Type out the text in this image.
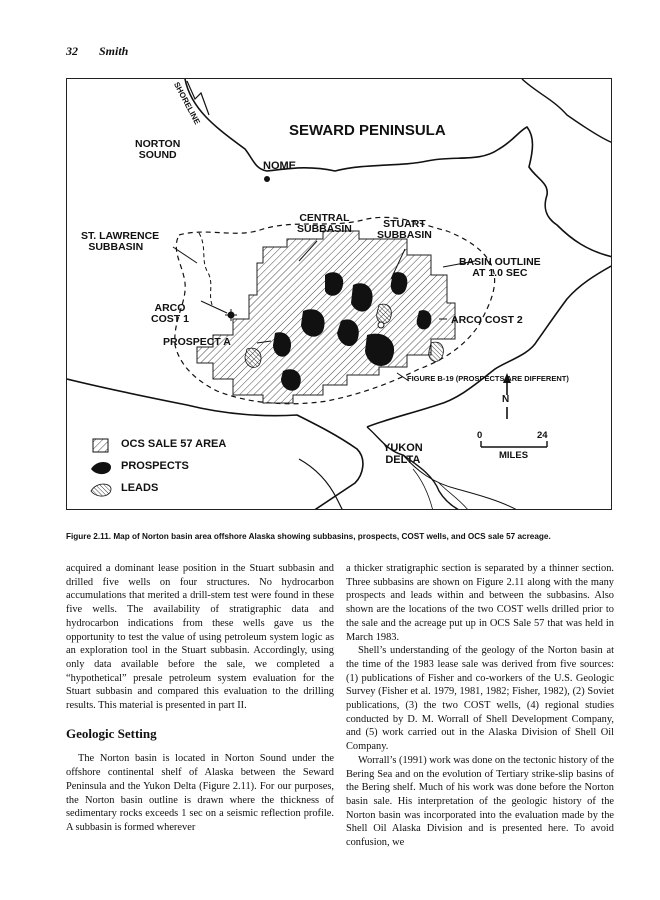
32 Smith
SHORELINE
SEWARD PENINSULA
NORTON
SOUND
NOME
CENTRAL
SUBBASIN	STUART
SUBBASIN
ST. LAWRENCE
SUBBASIN
BASIN OUTLINE
AT 1.0 SEC
ARCO
COST 1	ARCO COST 2
PROSPECT A
FIGURE B-19 (PROSPECTS ARE DIFFERENT)
N
0	24
MILES
YUKON
DELTA
OCS SALE 57 AREA
PROSPECTS
LEADS
Figure 2.11. Map of Norton basin area offshore Alaska showing subbasins, prospects, COST wells, and OCS sale 57 acreage.

acquired a dominant lease position in the Stuart subbasin and drilled five wells on four structures. No hydrocarbon accumulations that merited a drill-stem test were found in these five wells. The availability of stratigraphic data and hydrocarbon indications from these wells gave us the opportunity to test the value of using petroleum system logic as an exploration tool in the Stuart subbasin. Accordingly, using only data available before the sale, we completed a “hypothetical” presale petroleum system evaluation for the Stuart subbasin and compared this evaluation to the drilling results. This material is presented in part II.

Geologic Setting

The Norton basin is located in Norton Sound under the offshore continental shelf of Alaska between the Seward Peninsula and the Yukon Delta (Figure 2.11). For our purposes, the Norton basin outline is drawn where the thickness of sedimentary rocks exceeds 1 sec on a seismic reflection profile. A subbasin is formed wherever

a thicker stratigraphic section is separated by a thinner section. Three subbasins are shown on Figure 2.11 along with the many prospects and leads within and between the subbasins. Also shown are the locations of the two COST wells drilled prior to the sale and the acreage put up in OCS Sale 57 that was held in March 1983.

Shell’s understanding of the geology of the Norton basin at the time of the 1983 lease sale was derived from five sources: (1) publications of Fisher and co-workers of the U.S. Geologic Survey (Fisher et al. 1979, 1981, 1982; Fisher, 1982), (2) Soviet publications, (3) the two COST wells, (4) regional studies conducted by D. M. Worrall of Shell Development Company, and (5) work carried out in the Alaska Division of Shell Oil Company.

Worrall’s (1991) work was done on the tectonic history of the Bering Sea and on the evolution of Tertiary strike-slip basins of the Bering shelf. Much of his work was done before the Norton basin sale. His interpretation of the geologic history of the Norton basin was incorporated into the evaluation made by the Shell Oil Alaska Division and is presented here. To avoid confusion, we
